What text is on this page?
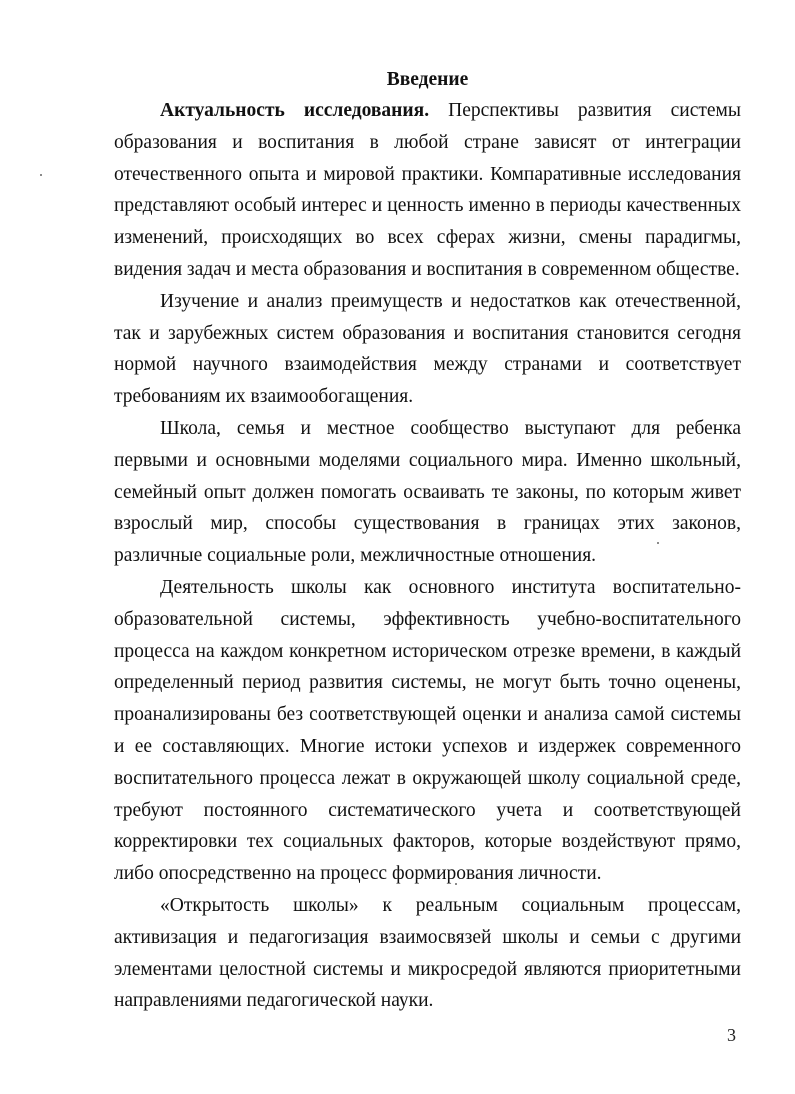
Введение

Актуальность исследования. Перспективы развития системы образования и воспитания в любой стране зависят от интеграции отечественного опыта и мировой практики. Компаративные исследования представляют особый интерес и ценность именно в периоды качественных изменений, происходящих во всех сферах жизни, смены парадигмы, видения задач и места образования и воспитания в современном обществе.

Изучение и анализ преимуществ и недостатков как отечественной, так и зарубежных систем образования и воспитания становится сегодня нормой научного взаимодействия между странами и соответствует требованиям их взаимообогащения.

Школа, семья и местное сообщество выступают для ребенка первыми и основными моделями социального мира. Именно школьный, семейный опыт должен помогать осваивать те законы, по которым живет взрослый мир, способы существования в границах этих законов, различные социальные роли, межличностные отношения.

Деятельность школы как основного института воспитательно-образовательной системы, эффективность учебно-воспитательного процесса на каждом конкретном историческом отрезке времени, в каждый определенный период развития системы, не могут быть точно оценены, проанализированы без соответствующей оценки и анализа самой системы и ее составляющих. Многие истоки успехов и издержек современного воспитательного процесса лежат в окружающей школу социальной среде, требуют постоянного систематического учета и соответствующей корректировки тех социальных факторов, которые воздействуют прямо, либо опосредственно на процесс формирования личности.

«Открытость школы» к реальным социальным процессам, активизация и педагогизация взаимосвязей школы и семьи с другими элементами целостной системы и микросредой являются приоритетными направлениями педагогической науки.

3
